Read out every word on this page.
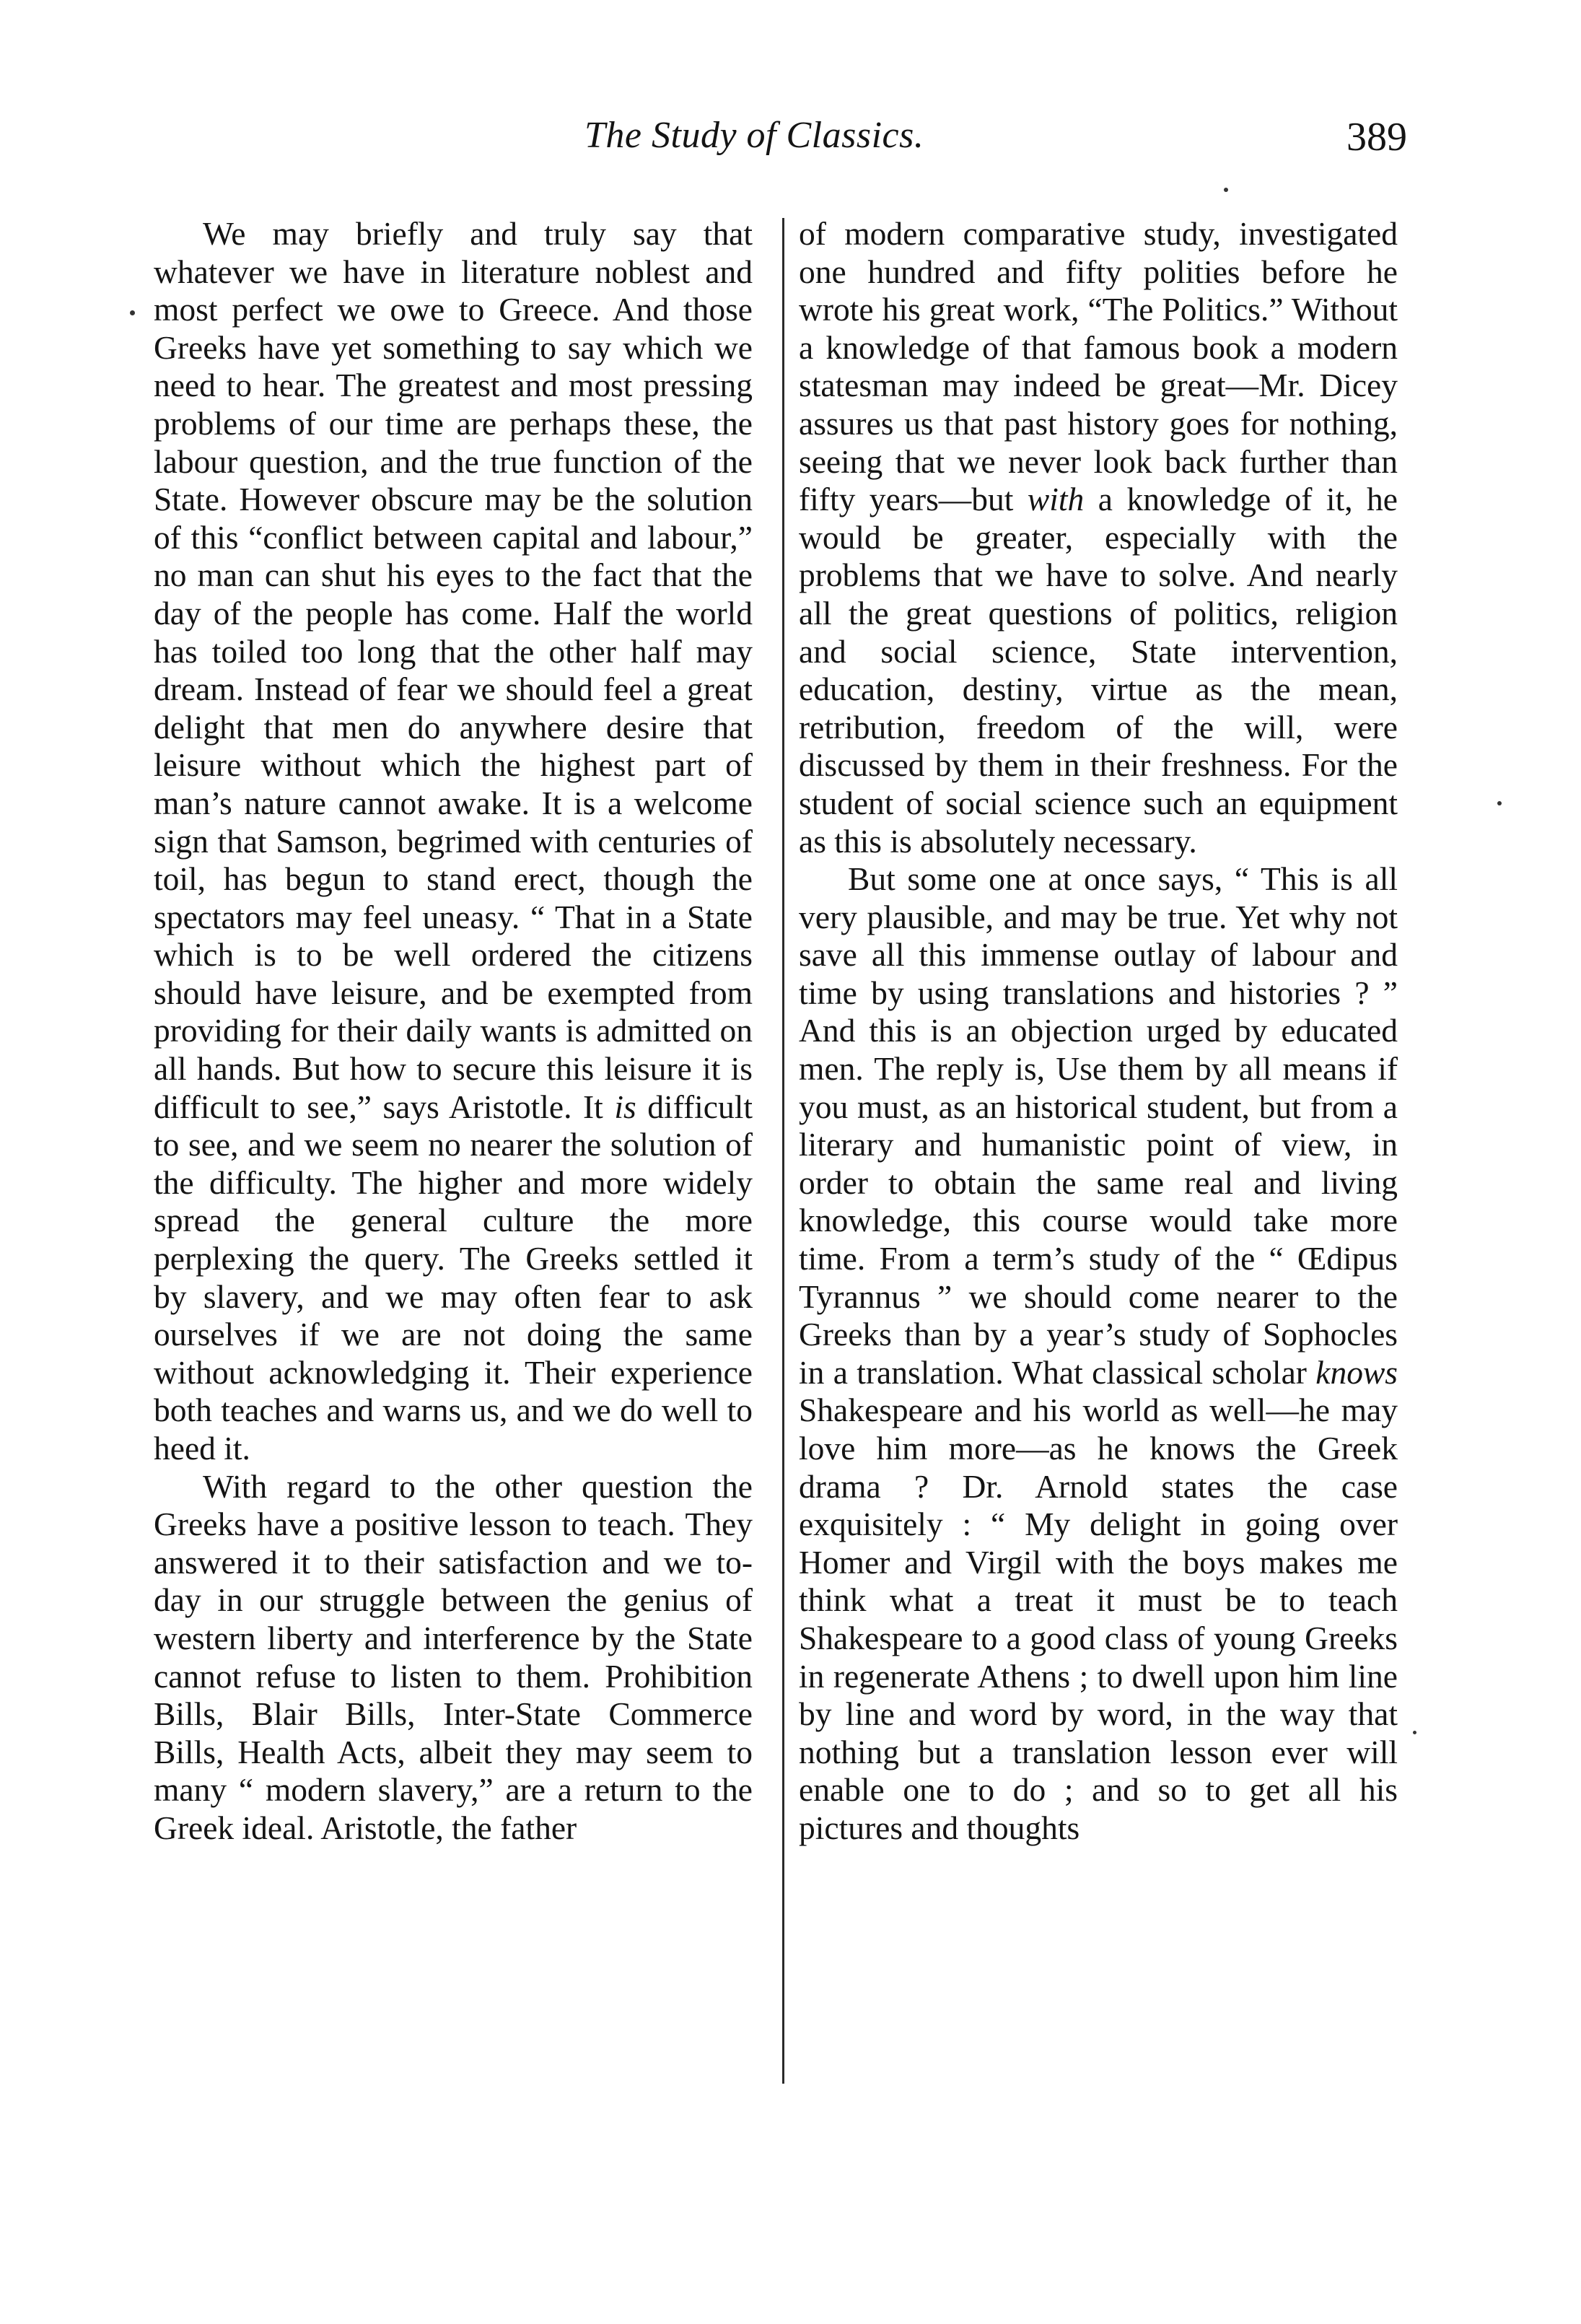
The Study of Classics.	389
We may briefly and truly say that whatever we have in literature noblest and most perfect we owe to Greece. And those Greeks have yet something to say which we need to hear. The greatest and most pressing problems of our time are perhaps these, the labour question, and the true function of the State. However obscure may be the solution of this “conflict between capital and labour,” no man can shut his eyes to the fact that the day of the people has come. Half the world has toiled too long that the other half may dream. Instead of fear we should feel a great delight that men do anywhere desire that leisure without which the highest part of man’s nature cannot awake. It is a welcome sign that Samson, begrimed with centuries of toil, has begun to stand erect, though the spectators may feel uneasy. “ That in a State which is to be well ordered the citizens should have leisure, and be exempted from providing for their daily wants is admitted on all hands. But how to secure this leisure it is difficult to see,” says Aristotle. It is difficult to see, and we seem no nearer the solution of the difficulty. The higher and more widely spread the general culture the more perplexing the query. The Greeks settled it by slavery, and we may often fear to ask ourselves if we are not doing the same without acknowledging it. Their experience both teaches and warns us, and we do well to heed it.
With regard to the other question the Greeks have a positive lesson to teach. They answered it to their satisfaction and we to-day in our struggle between the genius of western liberty and interference by the State cannot refuse to listen to them. Prohibition Bills, Blair Bills, Inter-State Commerce Bills, Health Acts, albeit they may seem to many “ modern slavery,” are a return to the Greek ideal. Aristotle, the father
of modern comparative study, investigated one hundred and fifty polities before he wrote his great work, “The Politics.” Without a knowledge of that famous book a modern statesman may indeed be great—Mr. Dicey assures us that past history goes for nothing, seeing that we never look back further than fifty years—but with a knowledge of it, he would be greater, especially with the problems that we have to solve. And nearly all the great questions of politics, religion and social science, State intervention, education, destiny, virtue as the mean, retribution, freedom of the will, were discussed by them in their freshness. For the student of social science such an equipment as this is absolutely necessary.
But some one at once says, “ This is all very plausible, and may be true. Yet why not save all this immense outlay of labour and time by using translations and histories ? ” And this is an objection urged by educated men. The reply is, Use them by all means if you must, as an historical student, but from a literary and humanistic point of view, in order to obtain the same real and living knowledge, this course would take more time. From a term’s study of the “ Œdipus Tyrannus ” we should come nearer to the Greeks than by a year’s study of Sophocles in a translation. What classical scholar knows Shakespeare and his world as well—he may love him more—as he knows the Greek drama ? Dr. Arnold states the case exquisitely : “ My delight in going over Homer and Virgil with the boys makes me think what a treat it must be to teach Shakespeare to a good class of young Greeks in regenerate Athens ; to dwell upon him line by line and word by word, in the way that nothing but a translation lesson ever will enable one to do ; and so to get all his pictures and thoughts
